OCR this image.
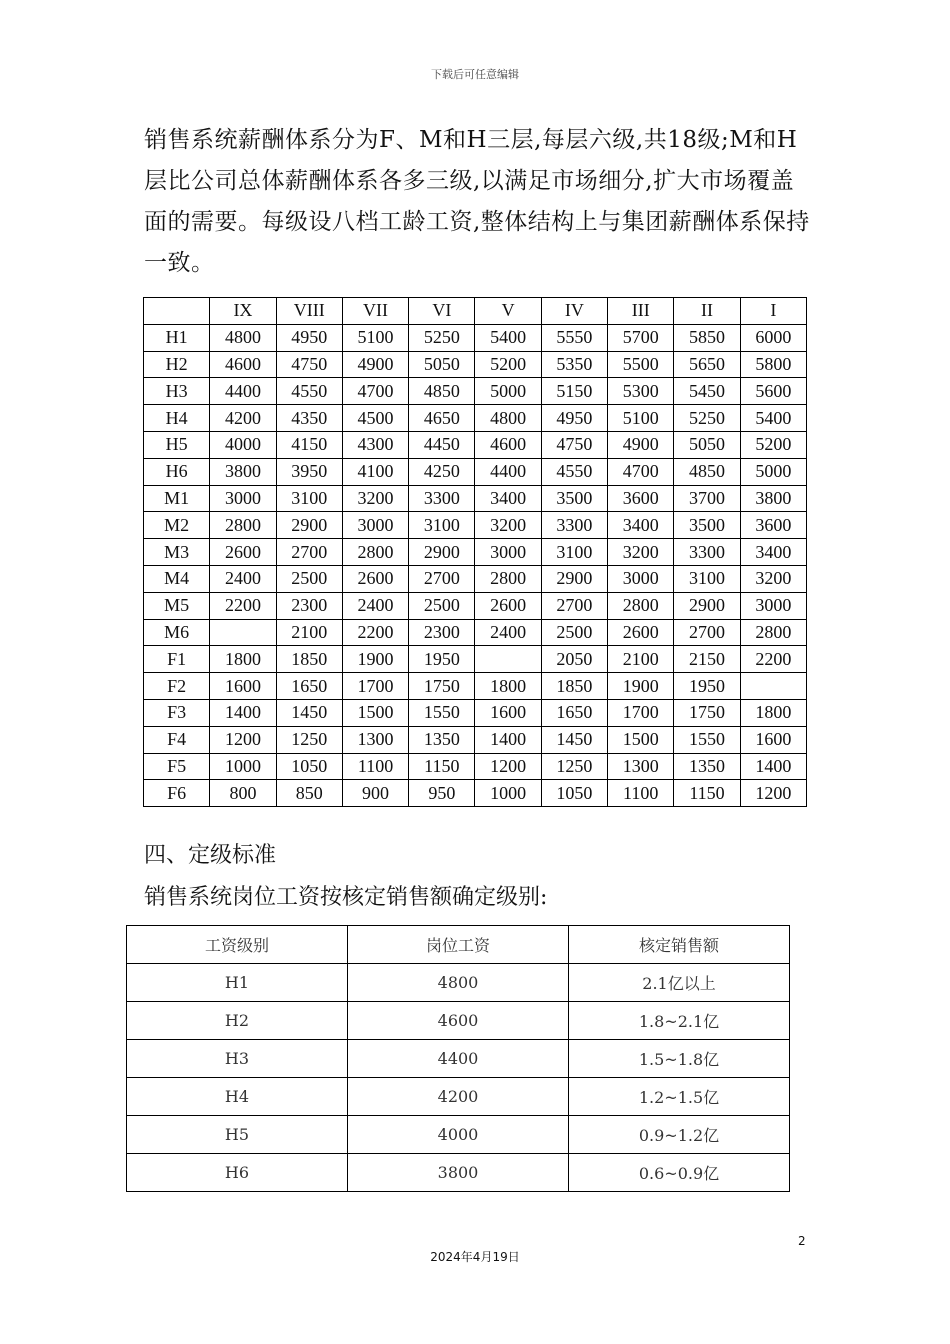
下载后可任意编辑
销售系统薪酬体系分为F、M和H三层,每层六级,共18级;M和H
层比公司总体薪酬体系各多三级,以满足市场细分,扩大市场覆盖
面的需要。每级设八档工龄工资,整体结构上与集团薪酬体系保持
一致。
	IX	VIII	VII	VI	V	IV	III	II	I
H1	4800	4950	5100	5250	5400	5550	5700	5850	6000
H2	4600	4750	4900	5050	5200	5350	5500	5650	5800
H3	4400	4550	4700	4850	5000	5150	5300	5450	5600
H4	4200	4350	4500	4650	4800	4950	5100	5250	5400
H5	4000	4150	4300	4450	4600	4750	4900	5050	5200
H6	3800	3950	4100	4250	4400	4550	4700	4850	5000
M1	3000	3100	3200	3300	3400	3500	3600	3700	3800
M2	2800	2900	3000	3100	3200	3300	3400	3500	3600
M3	2600	2700	2800	2900	3000	3100	3200	3300	3400
M4	2400	2500	2600	2700	2800	2900	3000	3100	3200
M5	2200	2300	2400	2500	2600	2700	2800	2900	3000
M6		2100	2200	2300	2400	2500	2600	2700	2800
F1	1800	1850	1900	1950		2050	2100	2150	2200
F2	1600	1650	1700	1750	1800	1850	1900	1950	
F3	1400	1450	1500	1550	1600	1650	1700	1750	1800
F4	1200	1250	1300	1350	1400	1450	1500	1550	1600
F5	1000	1050	1100	1150	1200	1250	1300	1350	1400
F6	800	850	900	950	1000	1050	1100	1150	1200
四、定级标准
销售系统岗位工资按核定销售额确定级别:
工资级别	岗位工资	核定销售额
H1	4800	2.1亿以上
H2	4600	1.8~2.1亿
H3	4400	1.5~1.8亿
H4	4200	1.2~1.5亿
H5	4000	0.9~1.2亿
H6	3800	0.6~0.9亿
2
2024年4月19日
